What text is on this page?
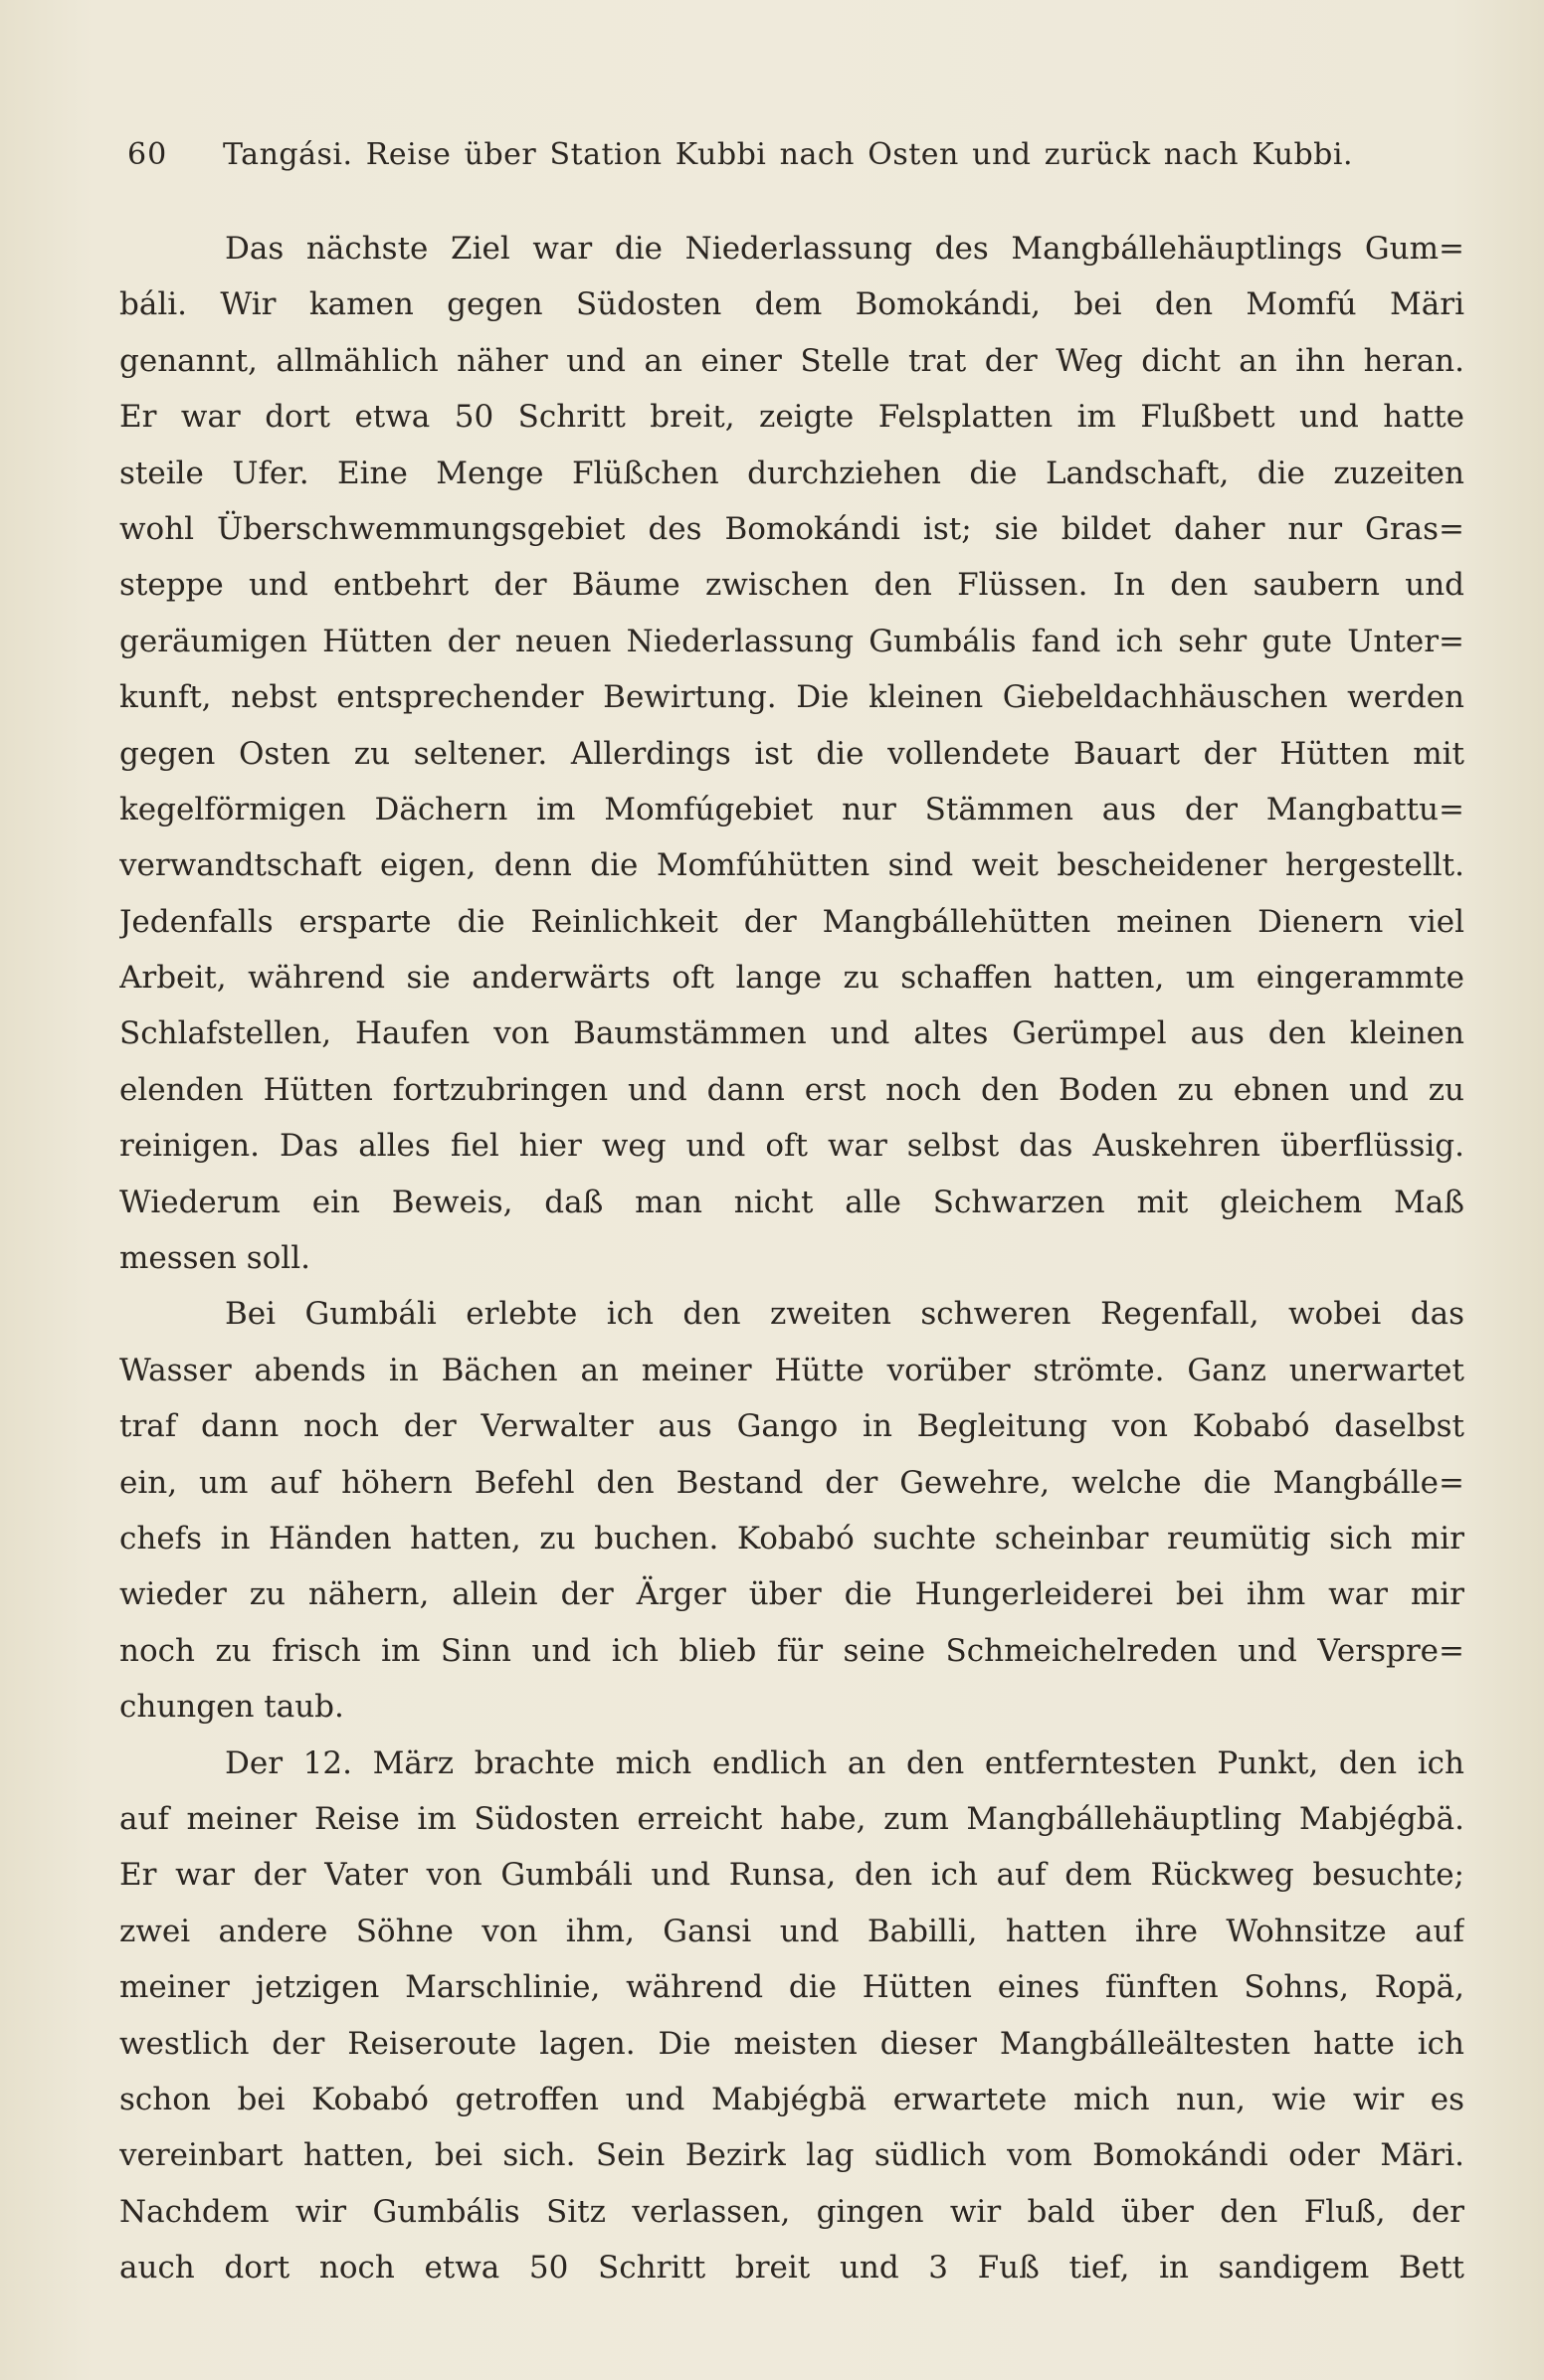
60 Tangási. Reise über Station Kubbi nach Osten und zurück nach Kubbi.
Das nächste Ziel war die Niederlassung des Mangbállehäuptlings Gum=
báli. Wir kamen gegen Südosten dem Bomokándi, bei den Momfú Märi
genannt, allmählich näher und an einer Stelle trat der Weg dicht an ihn heran.
Er war dort etwa 50 Schritt breit, zeigte Felsplatten im Flußbett und hatte
steile Ufer. Eine Menge Flüßchen durchziehen die Landschaft, die zuzeiten
wohl Überschwemmungsgebiet des Bomokándi ist; sie bildet daher nur Gras=
steppe und entbehrt der Bäume zwischen den Flüssen. In den saubern und
geräumigen Hütten der neuen Niederlassung Gumbális fand ich sehr gute Unter=
kunft, nebst entsprechender Bewirtung. Die kleinen Giebeldachhäuschen werden
gegen Osten zu seltener. Allerdings ist die vollendete Bauart der Hütten mit
kegelförmigen Dächern im Momfúgebiet nur Stämmen aus der Mangbattu=
verwandtschaft eigen, denn die Momfúhütten sind weit bescheidener hergestellt.
Jedenfalls ersparte die Reinlichkeit der Mangbállehütten meinen Dienern viel
Arbeit, während sie anderwärts oft lange zu schaffen hatten, um eingerammte
Schlafstellen, Haufen von Baumstämmen und altes Gerümpel aus den kleinen
elenden Hütten fortzubringen und dann erst noch den Boden zu ebnen und zu
reinigen. Das alles fiel hier weg und oft war selbst das Auskehren überflüssig.
Wiederum ein Beweis, daß man nicht alle Schwarzen mit gleichem Maß
messen soll.
Bei Gumbáli erlebte ich den zweiten schweren Regenfall, wobei das
Wasser abends in Bächen an meiner Hütte vorüber strömte. Ganz unerwartet
traf dann noch der Verwalter aus Gango in Begleitung von Kobabó daselbst
ein, um auf höhern Befehl den Bestand der Gewehre, welche die Mangbálle=
chefs in Händen hatten, zu buchen. Kobabó suchte scheinbar reumütig sich mir
wieder zu nähern, allein der Ärger über die Hungerleiderei bei ihm war mir
noch zu frisch im Sinn und ich blieb für seine Schmeichelreden und Verspre=
chungen taub.
Der 12. März brachte mich endlich an den entferntesten Punkt, den ich
auf meiner Reise im Südosten erreicht habe, zum Mangbállehäuptling Mabjégbä.
Er war der Vater von Gumbáli und Runsa, den ich auf dem Rückweg besuchte;
zwei andere Söhne von ihm, Gansi und Babilli, hatten ihre Wohnsitze auf
meiner jetzigen Marschlinie, während die Hütten eines fünften Sohns, Ropä,
westlich der Reiseroute lagen. Die meisten dieser Mangbálleältesten hatte ich
schon bei Kobabó getroffen und Mabjégbä erwartete mich nun, wie wir es
vereinbart hatten, bei sich. Sein Bezirk lag südlich vom Bomokándi oder Märi.
Nachdem wir Gumbális Sitz verlassen, gingen wir bald über den Fluß, der
auch dort noch etwa 50 Schritt breit und 3 Fuß tief, in sandigem Bett
